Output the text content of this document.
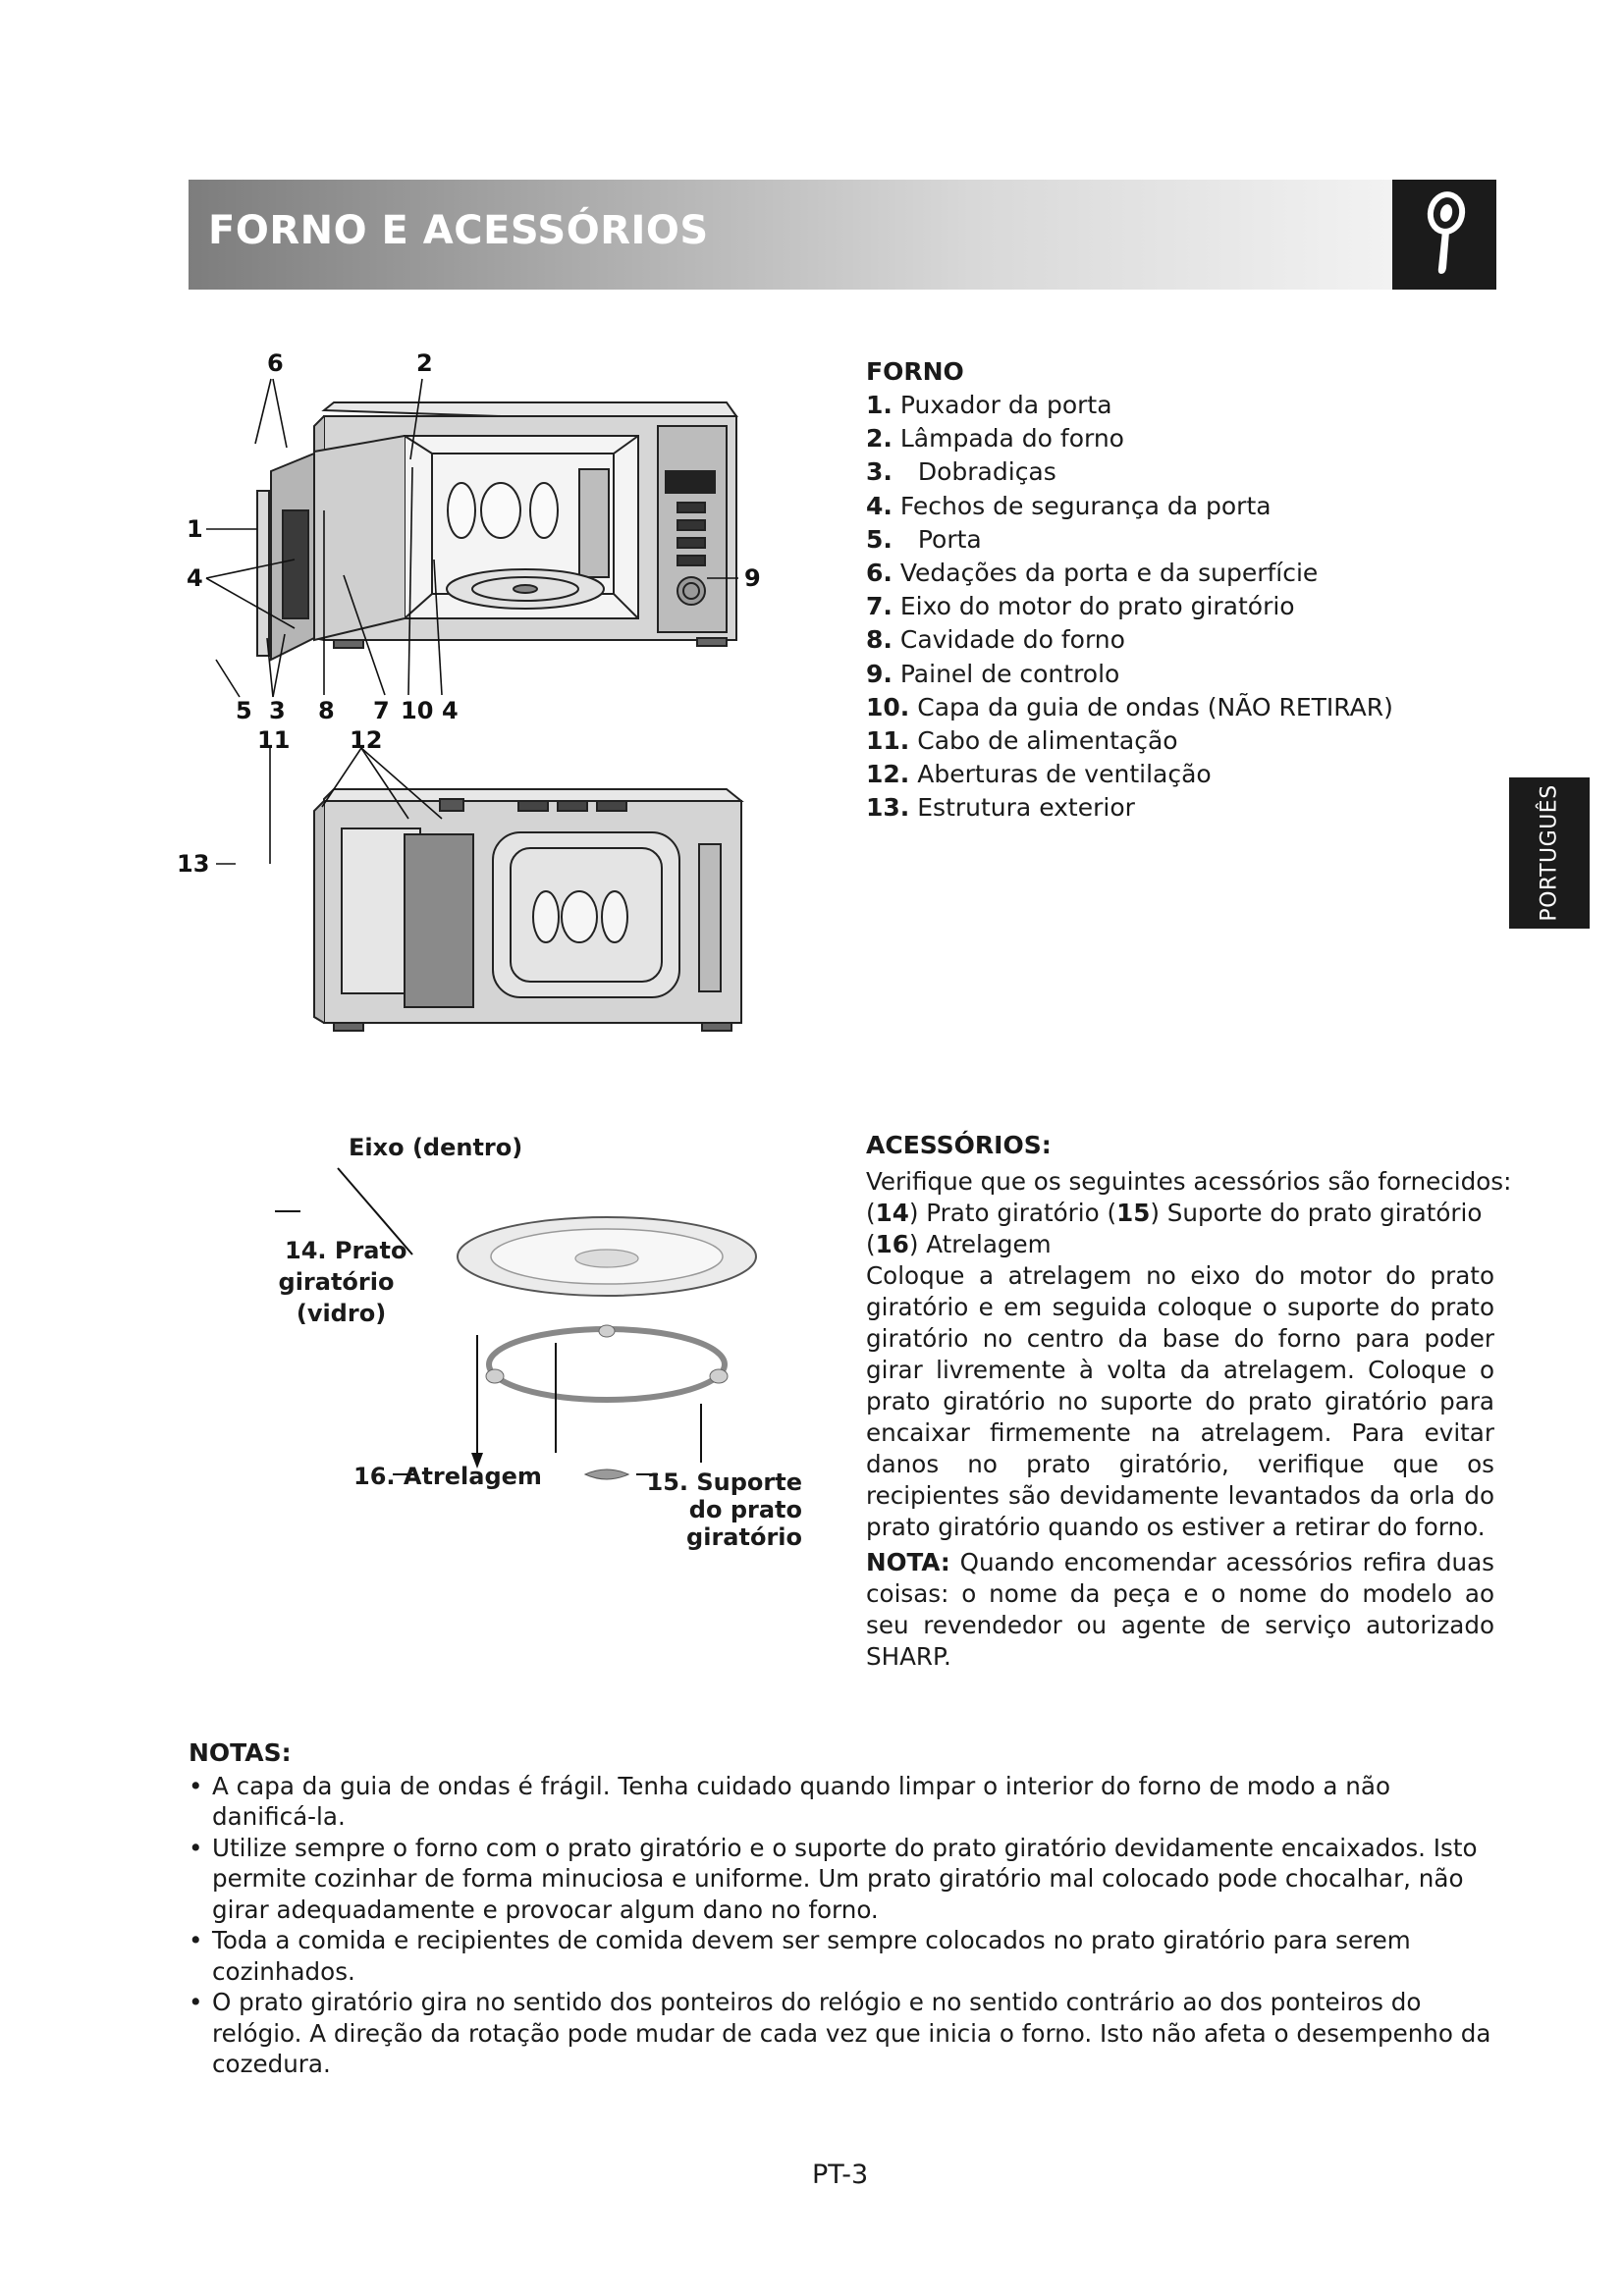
FORNO E ACESSÓRIOS
PORTUGUÊS
6	2
1
4	9
5 3 8 7 10 4
11	12
13
FORNO
1. Puxador da porta
2. Lâmpada do forno
3. Dobradiças
4. Fechos de segurança da porta
5. Porta
6. Vedações da porta e da superfície
7. Eixo do motor do prato giratório
8. Cavidade do forno
9. Painel de controlo
10. Capa da guia de ondas (NÃO RETIRAR)
11. Cabo de alimentação
12. Aberturas de ventilação
13. Estrutura exterior
Eixo (dentro)
14. Prato
giratório
(vidro)
16. Atrelagem	15. Suporte
do prato
giratório
ACESSÓRIOS:

Verifique que os seguintes acessórios são fornecidos:

(14) Prato giratório (15) Suporte do prato giratório

(16) Atrelagem

Coloque a atrelagem no eixo do motor do prato giratório e em seguida coloque o suporte do prato giratório no centro da base do forno para poder girar livremente à volta da atrelagem. Coloque o prato giratório no suporte do prato giratório para encaixar firmemente na atrelagem. Para evitar danos no prato giratório, verifique que os recipientes são devidamente levantados da orla do prato giratório quando os estiver a retirar do forno.

NOTA: Quando encomendar acessórios refira duas coisas: o nome da peça e o nome do modelo ao seu revendedor ou agente de serviço autorizado SHARP.

NOTAS:
• A capa da guia de ondas é frágil. Tenha cuidado quando limpar o interior do forno de modo a não danificá-la.
• Utilize sempre o forno com o prato giratório e o suporte do prato giratório devidamente encaixados. Isto permite cozinhar de forma minuciosa e uniforme. Um prato giratório mal colocado pode chocalhar, não girar adequadamente e provocar algum dano no forno.
• Toda a comida e recipientes de comida devem ser sempre colocados no prato giratório para serem cozinhados.
• O prato giratório gira no sentido dos ponteiros do relógio e no sentido contrário ao dos ponteiros do relógio. A direção da rotação pode mudar de cada vez que inicia o forno. Isto não afeta o desempenho da cozedura.
PT-3
